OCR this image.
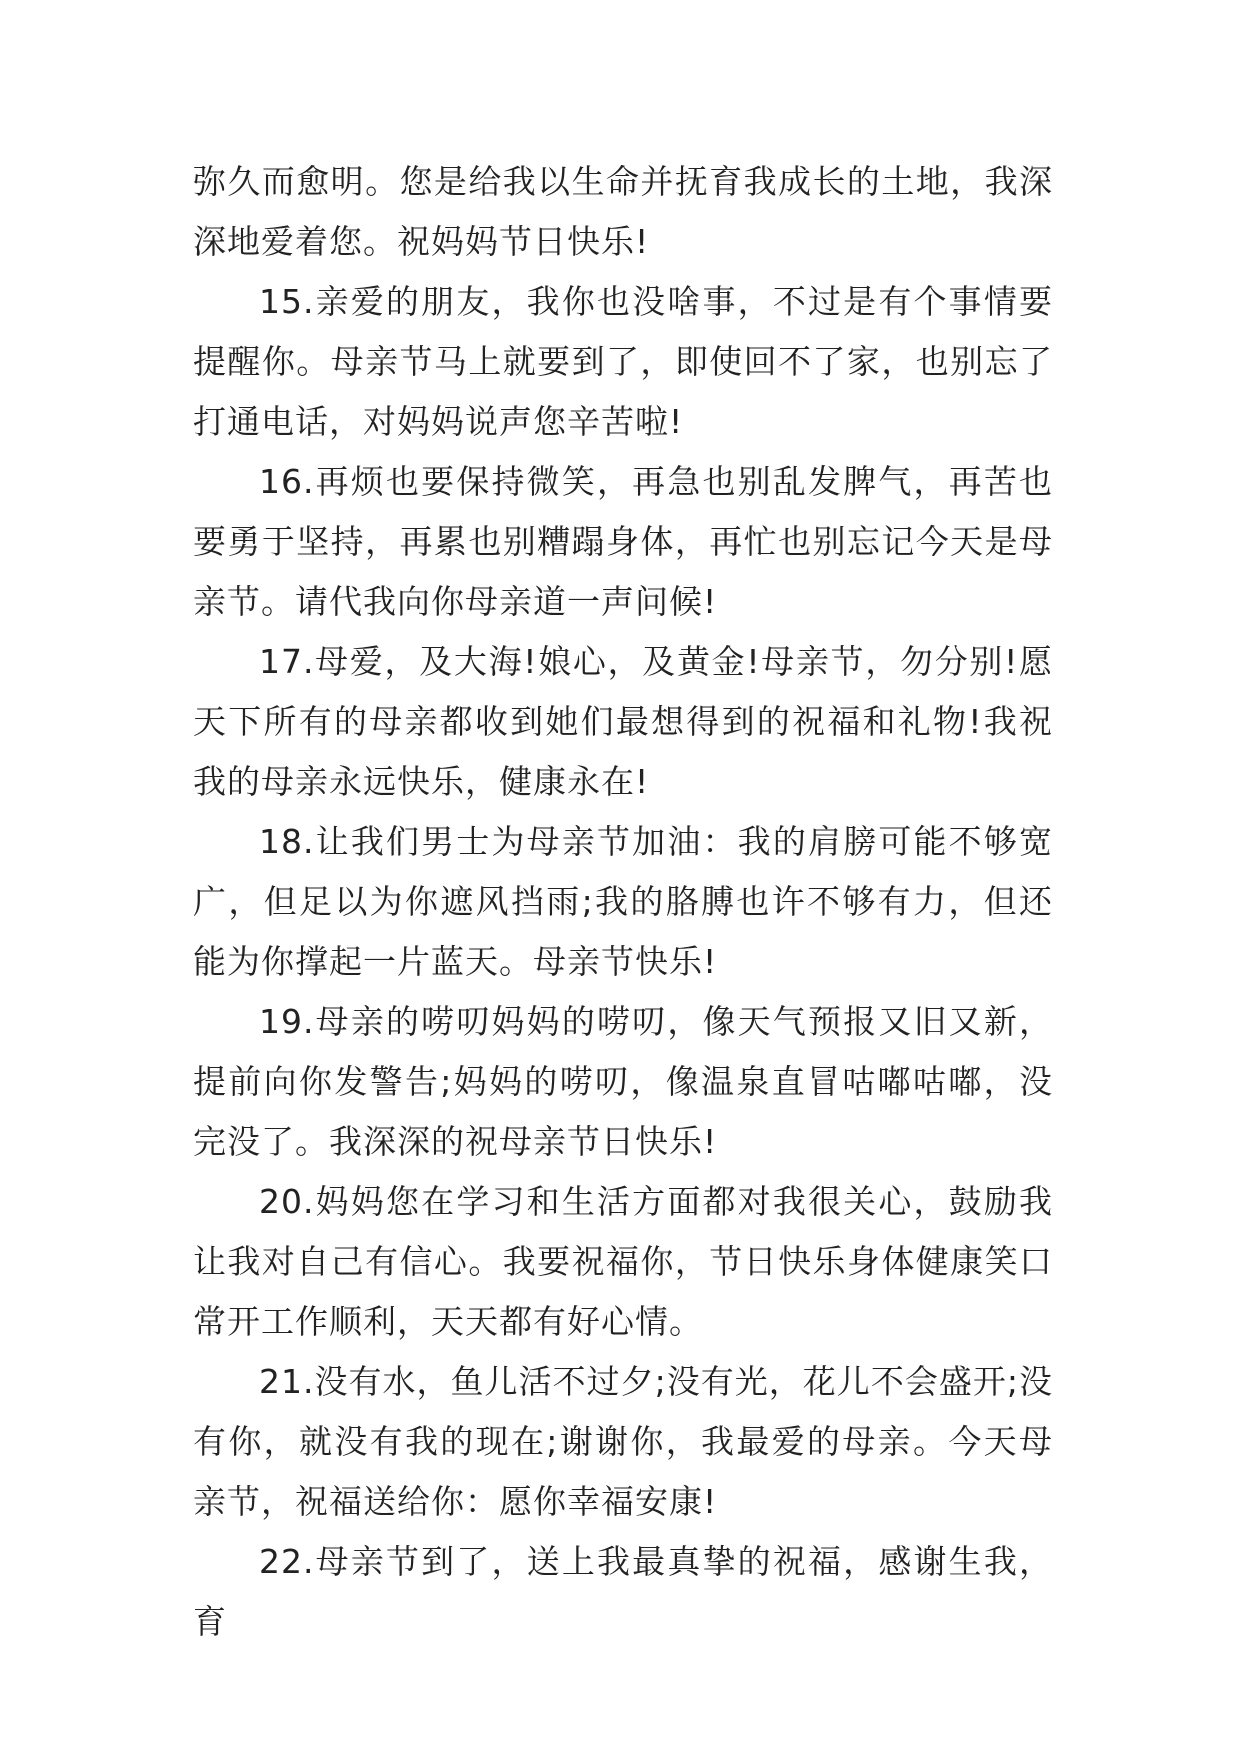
弥久而愈明。您是给我以生命并抚育我成长的土地，我深深地爱着您。祝妈妈节日快乐!

15.亲爱的朋友，我你也没啥事，不过是有个事情要提醒你。母亲节马上就要到了，即使回不了家，也别忘了打通电话，对妈妈说声您辛苦啦!

16.再烦也要保持微笑，再急也别乱发脾气，再苦也要勇于坚持，再累也别糟蹋身体，再忙也别忘记今天是母亲节。请代我向你母亲道一声问候!

17.母爱，及大海!娘心，及黄金!母亲节，勿分别!愿天下所有的母亲都收到她们最想得到的祝福和礼物!我祝我的母亲永远快乐，健康永在!

18.让我们男士为母亲节加油：我的肩膀可能不够宽广，但足以为你遮风挡雨;我的胳膊也许不够有力，但还能为你撑起一片蓝天。母亲节快乐!

19.母亲的唠叨妈妈的唠叨，像天气预报又旧又新，提前向你发警告;妈妈的唠叨，像温泉直冒咕嘟咕嘟，没完没了。我深深的祝母亲节日快乐!

20.妈妈您在学习和生活方面都对我很关心，鼓励我让我对自己有信心。我要祝福你，节日快乐身体健康笑口常开工作顺利，天天都有好心情。

21.没有水，鱼儿活不过夕;没有光，花儿不会盛开;没有你，就没有我的现在;谢谢你，我最爱的母亲。今天母亲节，祝福送给你：愿你幸福安康!

22.母亲节到了，送上我最真挚的祝福，感谢生我，育
